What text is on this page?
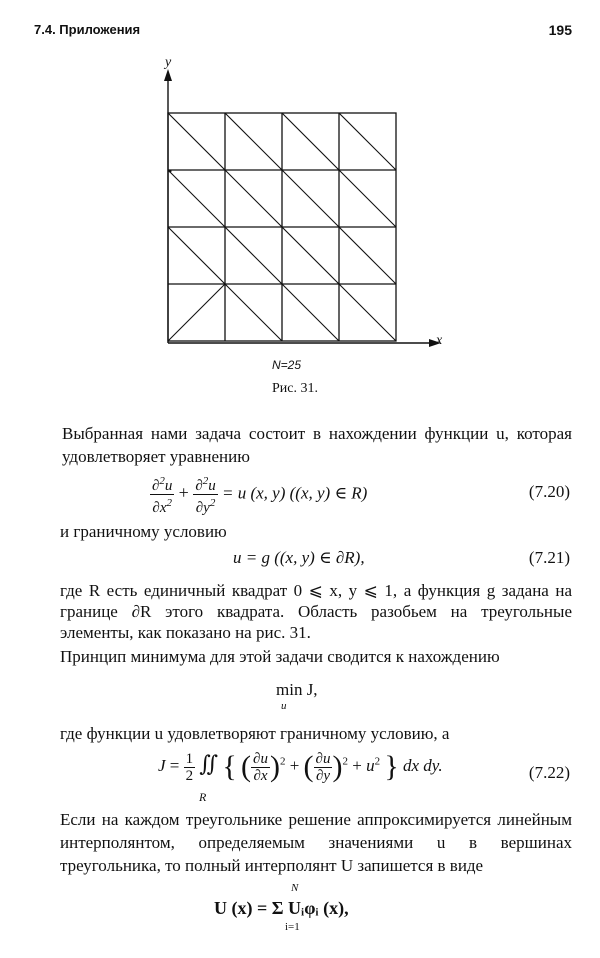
7.4. Приложения	195
y
x
N=25
Рис. 31.
Выбранная нами задача состоит в нахождении функции u, которая удовлетворяет уравнению
$\frac{\partial^2u}{\partial x^2} + \frac{\partial^2u}{\partial y^2} = u$ (x, y) ((x, y) ∈ R)	(7.20)
и граничному условию
u = g ((x, y) ∈ ∂R),	(7.21)
где R есть единичный квадрат 0 ⩽ x, y ⩽ 1, а функция g задана на границе ∂R этого квадрата. Область разобьем на треугольные элементы, как показано на рис. 31.
Принцип минимума для этой задачи сводится к нахождению
min J,
u
где функции u удовлетворяют граничному условию, а
$J = \frac{1}{2}$ ∬ { ( $\frac{\partial u}{\partial x} )^2$ + ( $\frac{\partial u}{\partial y} )^2 + u^2$ } dx dy.
R
(7.22)
Если на каждом треугольнике решение аппроксимируется линейным интерполянтом, определяемым значениями u в вершинах треугольника, то полный интерполянт U запишется в виде
N
U (x) = Σ Uᵢφᵢ (x),
i=1
